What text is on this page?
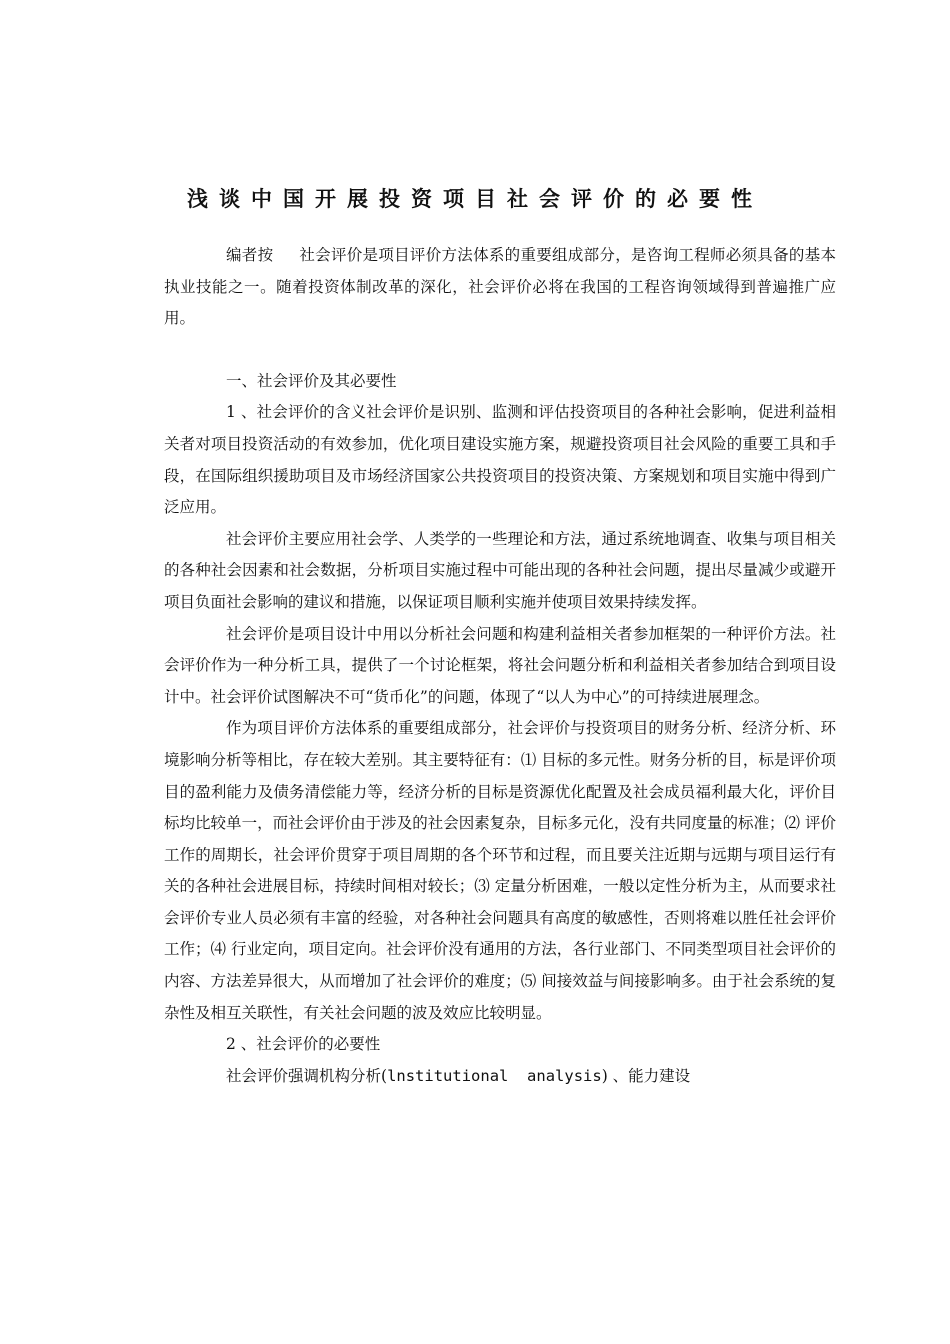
浅谈中国开展投资项目社会评价的必要性

编者按 社会评价是项目评价方法体系的重要组成部分，是咨询工程师必须具备的基本执业技能之一。随着投资体制改革的深化，社会评价必将在我国的工程咨询领域得到普遍推广应用。

一、社会评价及其必要性

1 、社会评价的含义社会评价是识别、监测和评估投资项目的各种社会影响，促进利益相关者对项目投资活动的有效参加，优化项目建设实施方案，规避投资项目社会风险的重要工具和手段，在国际组织援助项目及市场经济国家公共投资项目的投资决策、方案规划和项目实施中得到广泛应用。

社会评价主要应用社会学、人类学的一些理论和方法，通过系统地调查、收集与项目相关的各种社会因素和社会数据，分析项目实施过程中可能出现的各种社会问题，提出尽量减少或避开项目负面社会影响的建议和措施，以保证项目顺利实施并使项目效果持续发挥。

社会评价是项目设计中用以分析社会问题和构建利益相关者参加框架的一种评价方法。社会评价作为一种分析工具，提供了一个讨论框架，将社会问题分析和利益相关者参加结合到项目设计中。社会评价试图解决不可“货币化”的问题，体现了“以人为中心”的可持续进展理念。

作为项目评价方法体系的重要组成部分，社会评价与投资项目的财务分析、经济分析、环境影响分析等相比，存在较大差别。其主要特征有：⑴ 目标的多元性。财务分析的目，标是评价项目的盈利能力及债务清偿能力等，经济分析的目标是资源优化配置及社会成员福利最大化，评价目标均比较单一，而社会评价由于涉及的社会因素复杂，目标多元化，没有共同度量的标准；⑵ 评价工作的周期长，社会评价贯穿于项目周期的各个环节和过程，而且要关注近期与远期与项目运行有关的各种社会进展目标，持续时间相对较长；⑶ 定量分析困难，一般以定性分析为主，从而要求社会评价专业人员必须有丰富的经验，对各种社会问题具有高度的敏感性，否则将难以胜任社会评价工作；⑷ 行业定向，项目定向。社会评价没有通用的方法，各行业部门、不同类型项目社会评价的内容、方法差异很大，从而增加了社会评价的难度；⑸ 间接效益与间接影响多。由于社会系统的复杂性及相互关联性，有关社会问题的波及效应比较明显。

2 、社会评价的必要性

社会评价强调机构分析(lnstitutional  analysis) 、能力建设
